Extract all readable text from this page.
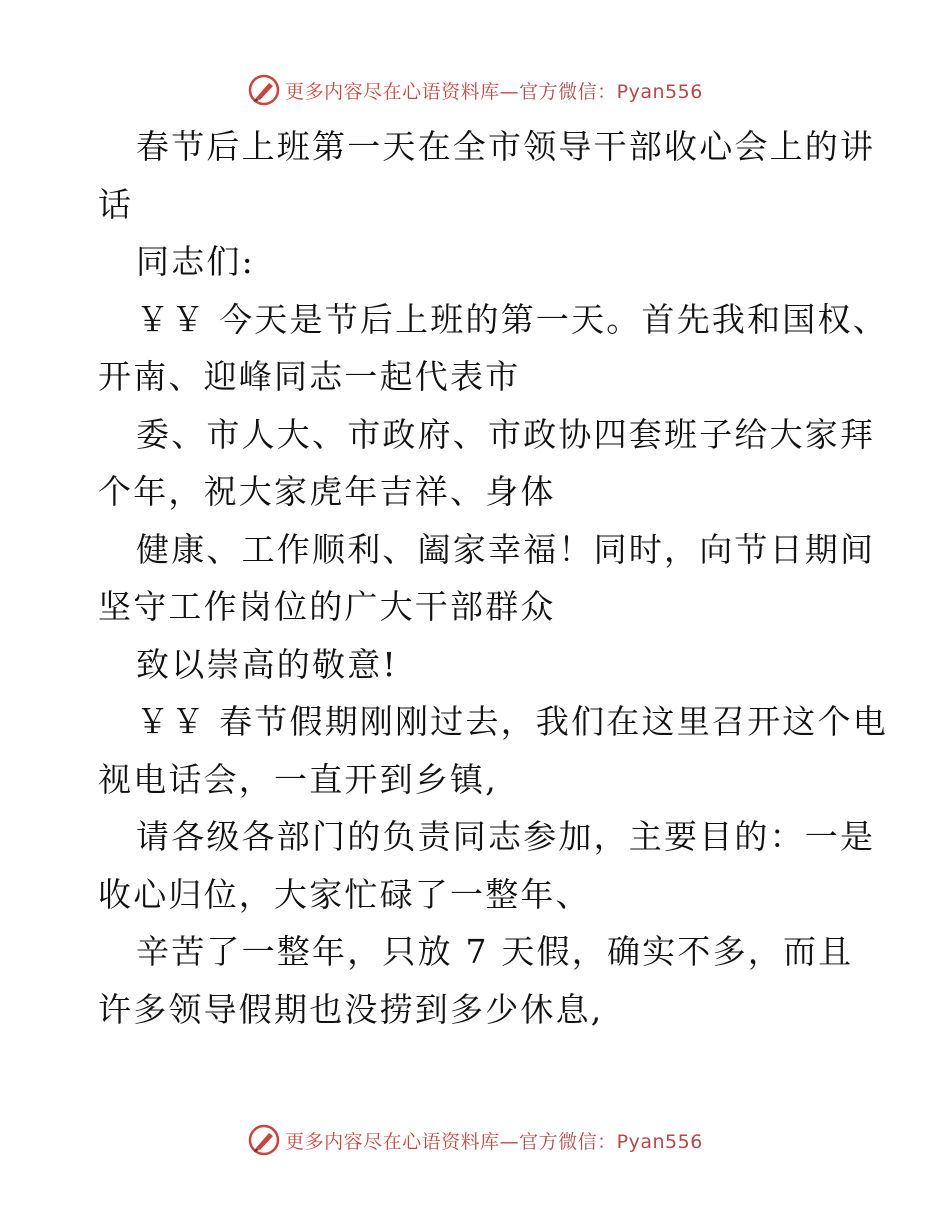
更多内容尽在心语资料库—官方微信：Pyan556
春节后上班第一天在全市领导干部收心会上的讲
话
同志们:
￥￥ 今天是节后上班的第一天。首先我和国权、
开南、迎峰同志一起代表市
委、市人大、市政府、市政协四套班子给大家拜
个年，祝大家虎年吉祥、身体
健康、工作顺利、阖家幸福！同时，向节日期间
坚守工作岗位的广大干部群众
致以崇高的敬意!
￥￥ 春节假期刚刚过去，我们在这里召开这个电
视电话会，一直开到乡镇,
请各级各部门的负责同志参加，主要目的：一是
收心归位，大家忙碌了一整年、
辛苦了一整年，只放 7 天假，确实不多，而且
许多领导假期也没捞到多少休息,
更多内容尽在心语资料库—官方微信：Pyan556
